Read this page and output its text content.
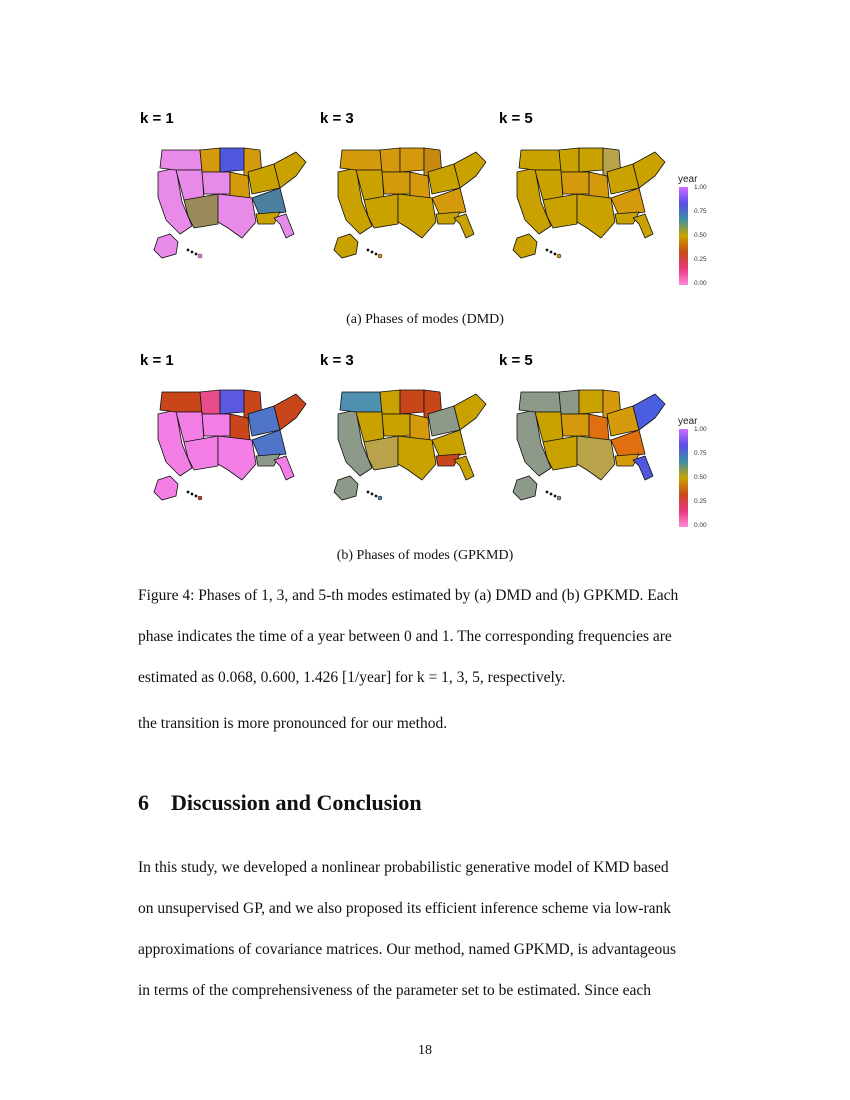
k = 1	k = 3	k = 5
year
1.00
0.75
0.50
0.25
0.00
(a) Phases of modes (DMD)
k = 1	k = 3	k = 5
year
1.00
0.75
0.50
0.25
0.00
(b) Phases of modes (GPKMD)
Figure 4: Phases of 1, 3, and 5-th modes estimated by (a) DMD and (b) GPKMD. Each
phase indicates the time of a year between 0 and 1. The corresponding frequencies are
estimated as 0.068, 0.600, 1.426 [1/year] for k = 1, 3, 5, respectively.
the transition is more pronounced for our method.
6 Discussion and Conclusion
In this study, we developed a nonlinear probabilistic generative model of KMD based
on unsupervised GP, and we also proposed its efficient inference scheme via low-rank
approximations of covariance matrices. Our method, named GPKMD, is advantageous
in terms of the comprehensiveness of the parameter set to be estimated. Since each
18
